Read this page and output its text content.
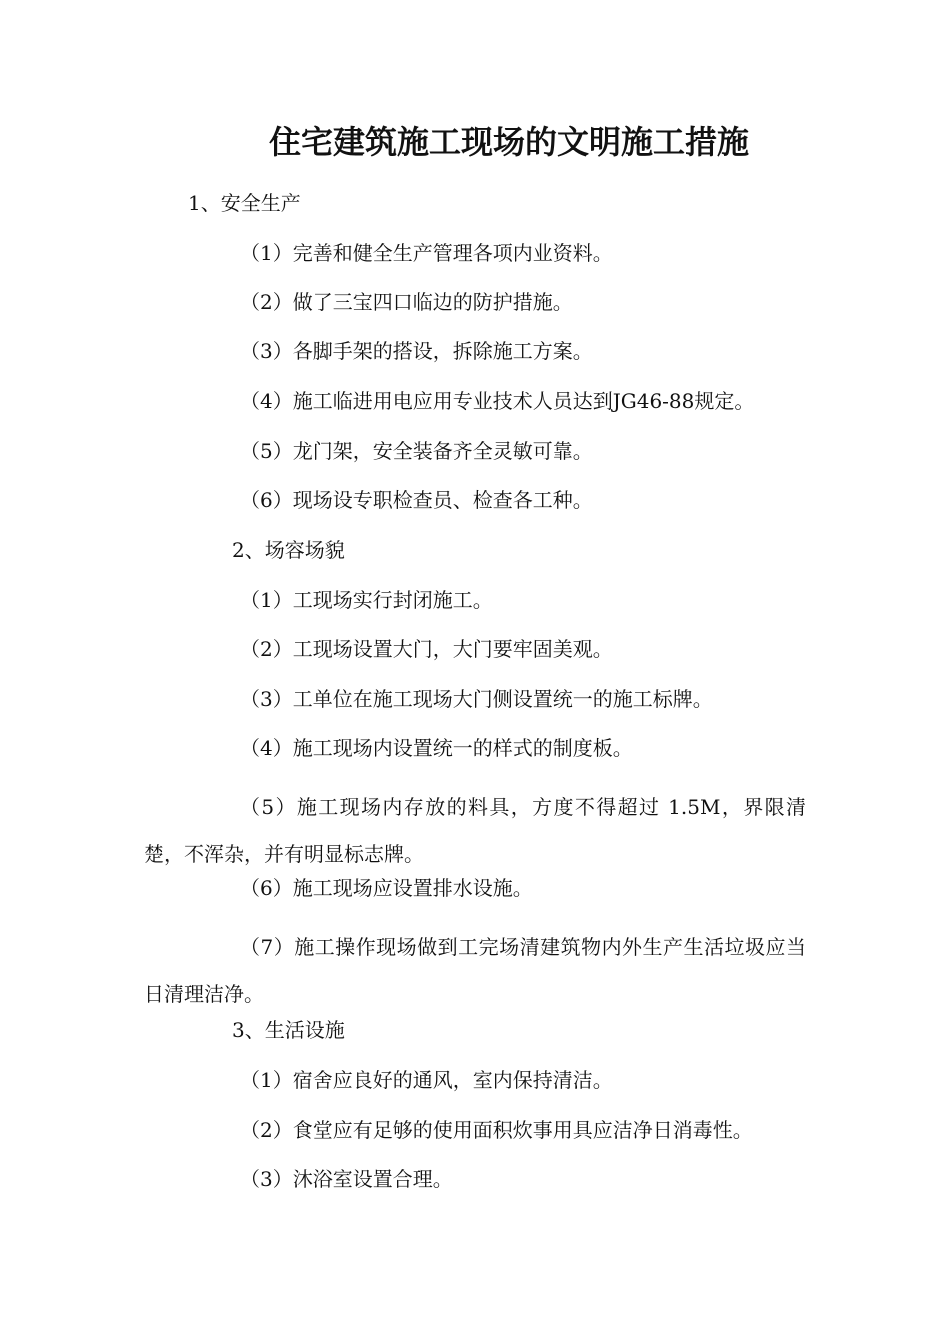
住宅建筑施工现场的文明施工措施
1、安全生产
（1）完善和健全生产管理各项内业资料。
（2）做了三宝四口临边的防护措施。
（3）各脚手架的搭设，拆除施工方案。
（4）施工临进用电应用专业技术人员达到JG46-88规定。
（5）龙门架，安全装备齐全灵敏可靠。
（6）现场设专职检查员、检查各工种。
2、场容场貌
（1）工现场实行封闭施工。
（2）工现场设置大门，大门要牢固美观。
（3）工单位在施工现场大门侧设置统一的施工标牌。
（4）施工现场内设置统一的样式的制度板。
（5）施工现场内存放的料具，方度不得超过 1.5M，界限清楚，不浑杂，并有明显标志牌。
（6）施工现场应设置排水设施。
（7）施工操作现场做到工完场清建筑物内外生产生活垃圾应当日清理洁净。
3、生活设施
（1）宿舍应良好的通风，室内保持清洁。
（2）食堂应有足够的使用面积炊事用具应洁净日消毒性。
（3）沐浴室设置合理。
